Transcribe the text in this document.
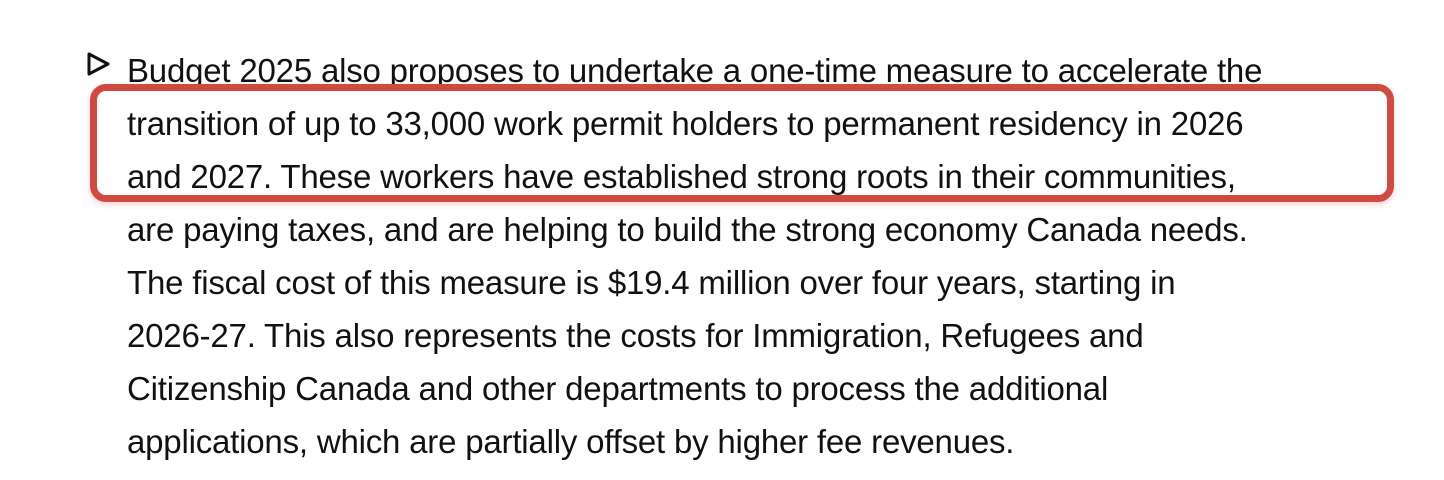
Budget 2025 also proposes to undertake a one-time measure to accelerate the
transition of up to 33,000 work permit holders to permanent residency in 2026
and 2027. These workers have established strong roots in their communities,
are paying taxes, and are helping to build the strong economy Canada needs.
The fiscal cost of this measure is $19.4 million over four years, starting in
2026-27. This also represents the costs for Immigration, Refugees and
Citizenship Canada and other departments to process the additional
applications, which are partially offset by higher fee revenues.
